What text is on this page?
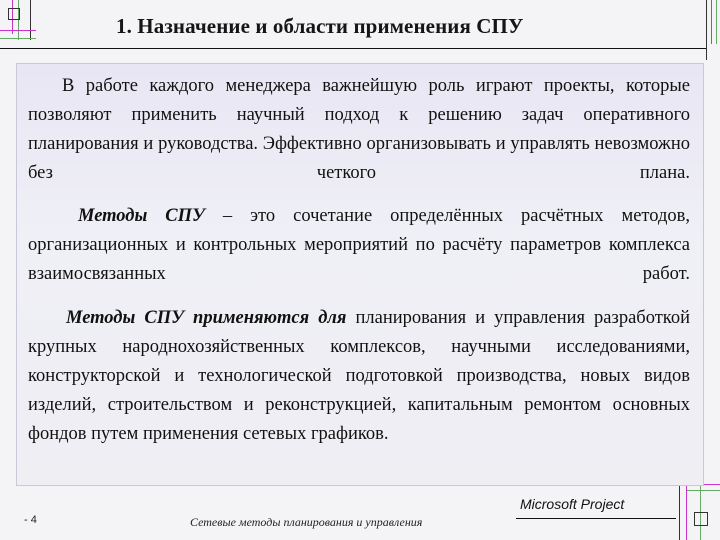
1. Назначение и области применения СПУ
В работе каждого менеджера важнейшую роль играют проекты, которые позволяют применить научный подход к решению задач оперативного планирования и руководства. Эффективно организовывать и управлять невозможно без четкого плана.
Методы СПУ – это сочетание определённых расчётных методов, организационных и контрольных мероприятий по расчёту параметров комплекса взаимосвязанных работ.
Методы СПУ применяются для планирования и управления разработкой крупных народнохозяйственных комплексов, научными исследованиями, конструкторской и технологической подготовкой производства, новых видов изделий, строительством и реконструкцией, капитальным ремонтом основных фондов путем применения сетевых графиков.
- 4	Сетевые методы планирования и управления
Microsoft Project
